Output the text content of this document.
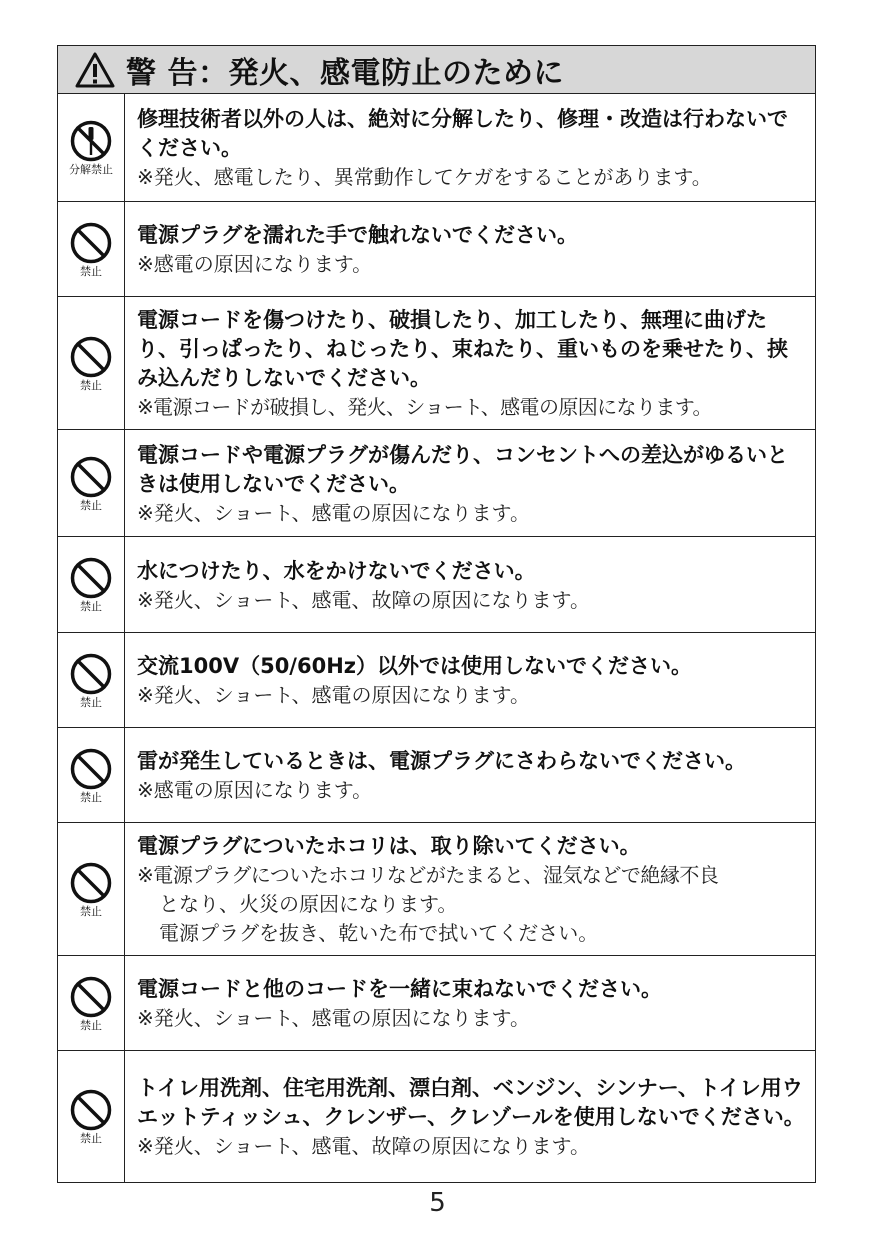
警 告：発火、感電防止のために
分解禁止
修理技術者以外の人は、絶対に分解したり、修理・改造は行わないでください。
※発火、感電したり、異常動作してケガをすることがあります。
禁止
電源プラグを濡れた手で触れないでください。
※感電の原因になります。
禁止
電源コードを傷つけたり、破損したり、加工したり、無理に曲げたり、引っぱったり、ねじったり、束ねたり、重いものを乗せたり、挟み込んだりしないでください。
※電源コードが破損し、発火、ショート、感電の原因になります。
禁止
電源コードや電源プラグが傷んだり、コンセントへの差込がゆるいときは使用しないでください。
※発火、ショート、感電の原因になります。
禁止
水につけたり、水をかけないでください。
※発火、ショート、感電、故障の原因になります。
禁止
交流100V（50/60Hz）以外では使用しないでください。
※発火、ショート、感電の原因になります。
禁止
雷が発生しているときは、電源プラグにさわらないでください。
※感電の原因になります。
禁止
電源プラグについたホコリは、取り除いてください。
※電源プラグについたホコリなどがたまると、湿気などで絶縁不良
となり、火災の原因になります。
電源プラグを抜き、乾いた布で拭いてください。
禁止
電源コードと他のコードを一緒に束ねないでください。
※発火、ショート、感電の原因になります。
禁止
トイレ用洗剤、住宅用洗剤、漂白剤、ベンジン、シンナー、トイレ用ウエットティッシュ、クレンザー、クレゾールを使用しないでください。
※発火、ショート、感電、故障の原因になります。
5
